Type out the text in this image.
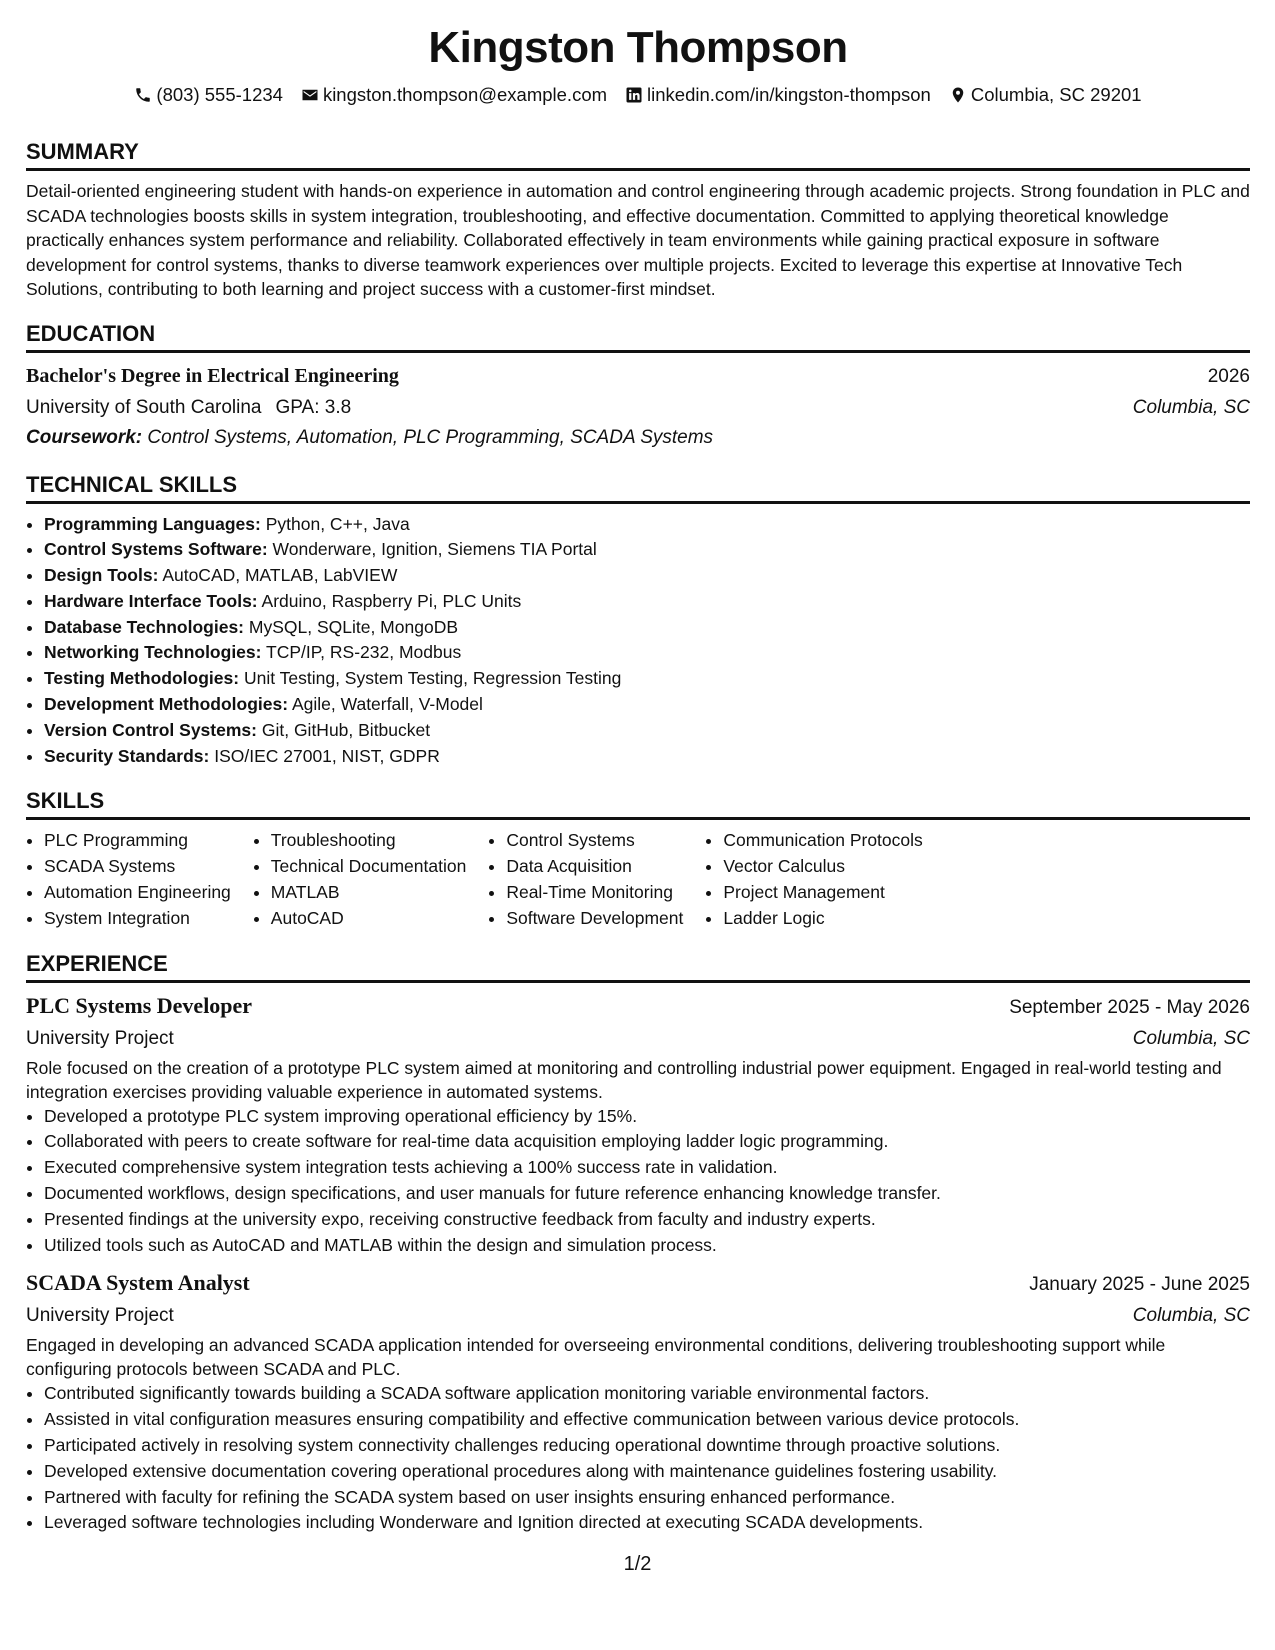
Kingston Thompson
(803) 555-1234 kingston.thompson@example.com linkedin.com/in/kingston-thompson Columbia, SC 29201
SUMMARY

Detail-oriented engineering student with hands-on experience in automation and control engineering through academic projects. Strong foundation in PLC and SCADA technologies boosts skills in system integration, troubleshooting, and effective documentation. Committed to applying theoretical knowledge practically enhances system performance and reliability. Collaborated effectively in team environments while gaining practical exposure in software development for control systems, thanks to diverse teamwork experiences over multiple projects. Excited to leverage this expertise at Innovative Tech Solutions, contributing to both learning and project success with a customer-first mindset.

EDUCATION
Bachelor's Degree in Electrical Engineering	2026
University of South Carolina GPA: 3.8	Columbia, SC
Coursework: Control Systems, Automation, PLC Programming, SCADA Systems
TECHNICAL SKILLS
• Programming Languages: Python, C++, Java
• Control Systems Software: Wonderware, Ignition, Siemens TIA Portal
• Design Tools: AutoCAD, MATLAB, LabVIEW
• Hardware Interface Tools: Arduino, Raspberry Pi, PLC Units
• Database Technologies: MySQL, SQLite, MongoDB
• Networking Technologies: TCP/IP, RS-232, Modbus
• Testing Methodologies: Unit Testing, System Testing, Regression Testing
• Development Methodologies: Agile, Waterfall, V-Model
• Version Control Systems: Git, GitHub, Bitbucket
• Security Standards: ISO/IEC 27001, NIST, GDPR
SKILLS
• PLC Programming
• SCADA Systems
• Automation Engineering
• System Integration
• Troubleshooting
• Technical Documentation
• MATLAB
• AutoCAD
• Control Systems
• Data Acquisition
• Real-Time Monitoring
• Software Development
• Communication Protocols
• Vector Calculus
• Project Management
• Ladder Logic
EXPERIENCE
PLC Systems Developer	September 2025 - May 2026
University Project	Columbia, SC

Role focused on the creation of a prototype PLC system aimed at monitoring and controlling industrial power equipment. Engaged in real-world testing and integration exercises providing valuable experience in automated systems.

• Developed a prototype PLC system improving operational efficiency by 15%.
• Collaborated with peers to create software for real-time data acquisition employing ladder logic programming.
• Executed comprehensive system integration tests achieving a 100% success rate in validation.
• Documented workflows, design specifications, and user manuals for future reference enhancing knowledge transfer.
• Presented findings at the university expo, receiving constructive feedback from faculty and industry experts.
• Utilized tools such as AutoCAD and MATLAB within the design and simulation process.
SCADA System Analyst	January 2025 - June 2025
University Project	Columbia, SC

Engaged in developing an advanced SCADA application intended for overseeing environmental conditions, delivering troubleshooting support while configuring protocols between SCADA and PLC.

• Contributed significantly towards building a SCADA software application monitoring variable environmental factors.
• Assisted in vital configuration measures ensuring compatibility and effective communication between various device protocols.
• Participated actively in resolving system connectivity challenges reducing operational downtime through proactive solutions.
• Developed extensive documentation covering operational procedures along with maintenance guidelines fostering usability.
• Partnered with faculty for refining the SCADA system based on user insights ensuring enhanced performance.
• Leveraged software technologies including Wonderware and Ignition directed at executing SCADA developments.
1/2
